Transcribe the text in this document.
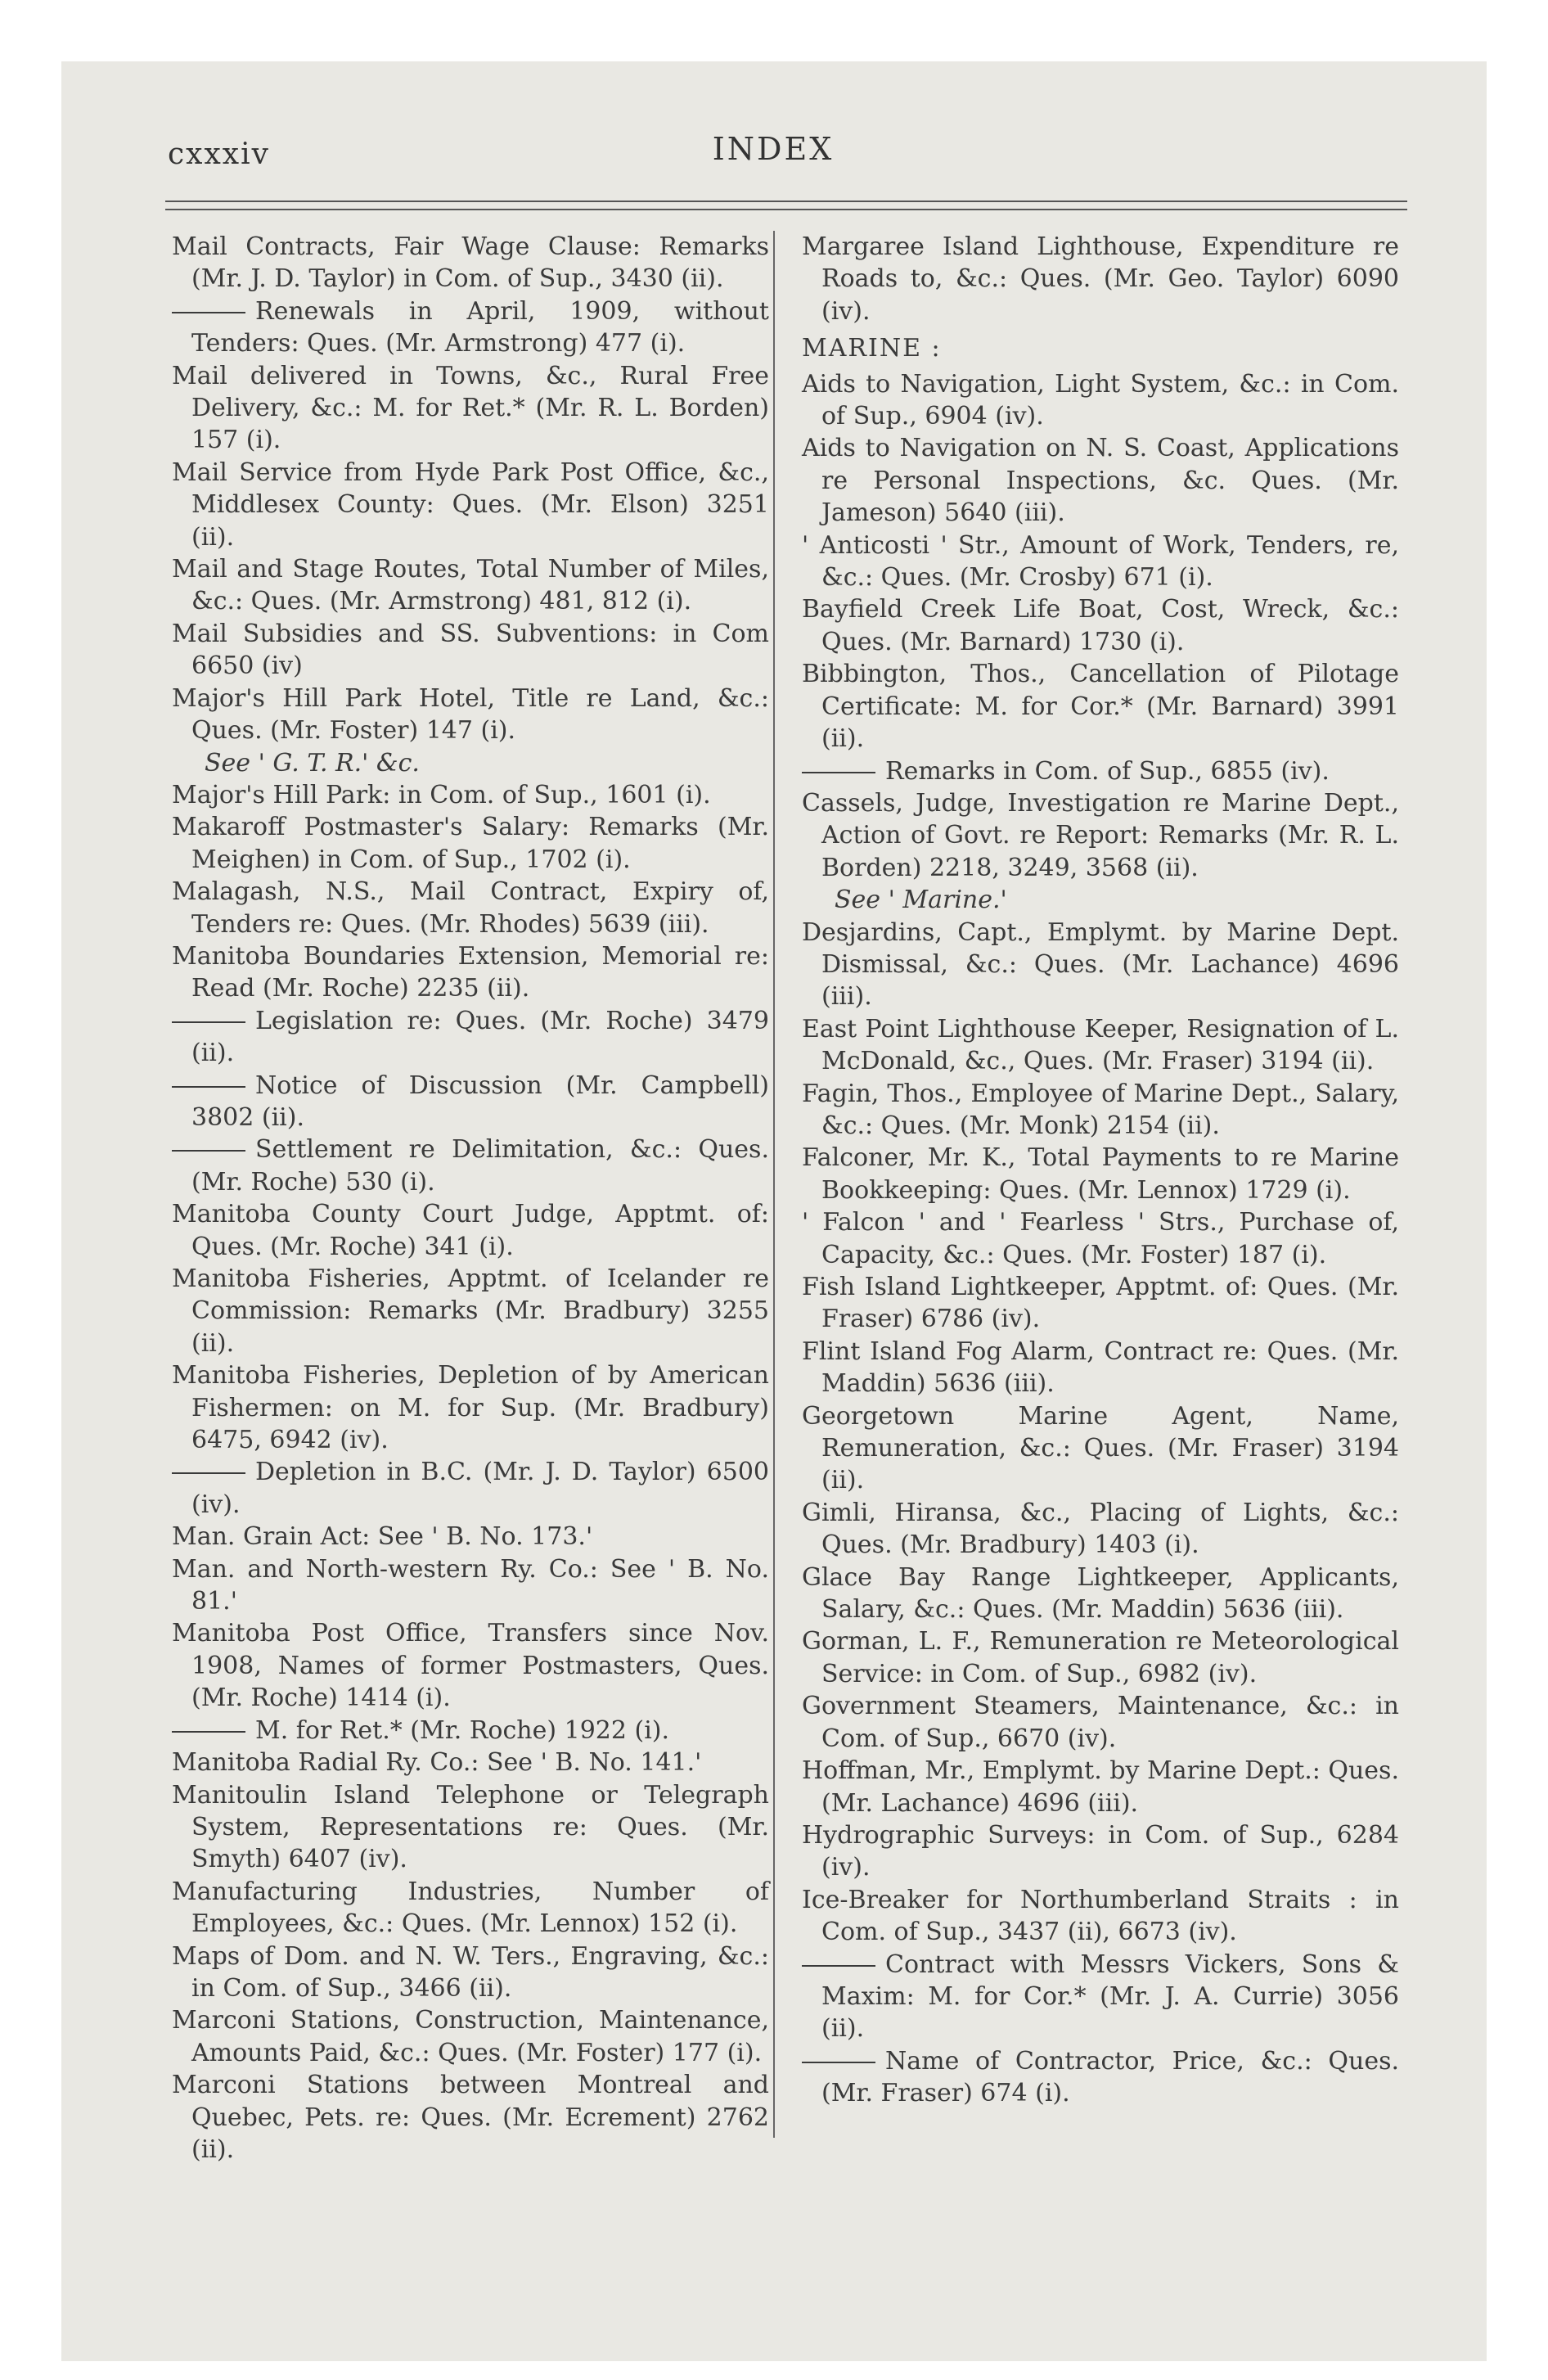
cxxxiv	INDEX
Mail Contracts, Fair Wage Clause: Remarks (Mr. J. D. Taylor) in Com. of Sup., 3430 (ii).
Renewals in April, 1909, without Tenders: Ques. (Mr. Armstrong) 477 (i).
Mail delivered in Towns, &c., Rural Free Delivery, &c.: M. for Ret.* (Mr. R. L. Borden) 157 (i).
Mail Service from Hyde Park Post Office, &c., Middlesex County: Ques. (Mr. Elson) 3251 (ii).
Mail and Stage Routes, Total Number of Miles, &c.: Ques. (Mr. Armstrong) 481, 812 (i).
Mail Subsidies and SS. Subventions: in Com 6650 (iv)
Major's Hill Park Hotel, Title re Land, &c.: Ques. (Mr. Foster) 147 (i).
See ' G. T. R.' &c.
Major's Hill Park: in Com. of Sup., 1601 (i).
Makaroff Postmaster's Salary: Remarks (Mr. Meighen) in Com. of Sup., 1702 (i).
Malagash, N.S., Mail Contract, Expiry of, Tenders re: Ques. (Mr. Rhodes) 5639 (iii).
Manitoba Boundaries Extension, Memorial re: Read (Mr. Roche) 2235 (ii).
Legislation re: Ques. (Mr. Roche) 3479 (ii).
Notice of Discussion (Mr. Campbell) 3802 (ii).
Settlement re Delimitation, &c.: Ques. (Mr. Roche) 530 (i).
Manitoba County Court Judge, Apptmt. of: Ques. (Mr. Roche) 341 (i).
Manitoba Fisheries, Apptmt. of Icelander re Commission: Remarks (Mr. Bradbury) 3255 (ii).
Manitoba Fisheries, Depletion of by American Fishermen: on M. for Sup. (Mr. Bradbury) 6475, 6942 (iv).
Depletion in B.C. (Mr. J. D. Taylor) 6500 (iv).
Man. Grain Act: See ' B. No. 173.'
Man. and North-western Ry. Co.: See ' B. No. 81.'
Manitoba Post Office, Transfers since Nov. 1908, Names of former Postmasters, Ques. (Mr. Roche) 1414 (i).
M. for Ret.* (Mr. Roche) 1922 (i).
Manitoba Radial Ry. Co.: See ' B. No. 141.'
Manitoulin Island Telephone or Telegraph System, Representations re: Ques. (Mr. Smyth) 6407 (iv).
Manufacturing Industries, Number of Employees, &c.: Ques. (Mr. Lennox) 152 (i).
Maps of Dom. and N. W. Ters., Engraving, &c.: in Com. of Sup., 3466 (ii).
Marconi Stations, Construction, Maintenance, Amounts Paid, &c.: Ques. (Mr. Foster) 177 (i).
Marconi Stations between Montreal and Quebec, Pets. re: Ques. (Mr. Ecrement) 2762 (ii).
Margaree Island Lighthouse, Expenditure re Roads to, &c.: Ques. (Mr. Geo. Taylor) 6090 (iv).
MARINE :
Aids to Navigation, Light System, &c.: in Com. of Sup., 6904 (iv).
Aids to Navigation on N. S. Coast, Applications re Personal Inspections, &c. Ques. (Mr. Jameson) 5640 (iii).
' Anticosti ' Str., Amount of Work, Tenders, re, &c.: Ques. (Mr. Crosby) 671 (i).
Bayfield Creek Life Boat, Cost, Wreck, &c.: Ques. (Mr. Barnard) 1730 (i).
Bibbington, Thos., Cancellation of Pilotage Certificate: M. for Cor.* (Mr. Barnard) 3991 (ii).
Remarks in Com. of Sup., 6855 (iv).
Cassels, Judge, Investigation re Marine Dept., Action of Govt. re Report: Remarks (Mr. R. L. Borden) 2218, 3249, 3568 (ii).
See ' Marine.'
Desjardins, Capt., Emplymt. by Marine Dept. Dismissal, &c.: Ques. (Mr. Lachance) 4696 (iii).
East Point Lighthouse Keeper, Resignation of L. McDonald, &c., Ques. (Mr. Fraser) 3194 (ii).
Fagin, Thos., Employee of Marine Dept., Salary, &c.: Ques. (Mr. Monk) 2154 (ii).
Falconer, Mr. K., Total Payments to re Marine Bookkeeping: Ques. (Mr. Lennox) 1729 (i).
' Falcon ' and ' Fearless ' Strs., Purchase of, Capacity, &c.: Ques. (Mr. Foster) 187 (i).
Fish Island Lightkeeper, Apptmt. of: Ques. (Mr. Fraser) 6786 (iv).
Flint Island Fog Alarm, Contract re: Ques. (Mr. Maddin) 5636 (iii).
Georgetown Marine Agent, Name, Remuneration, &c.: Ques. (Mr. Fraser) 3194 (ii).
Gimli, Hiransa, &c., Placing of Lights, &c.: Ques. (Mr. Bradbury) 1403 (i).
Glace Bay Range Lightkeeper, Applicants, Salary, &c.: Ques. (Mr. Maddin) 5636 (iii).
Gorman, L. F., Remuneration re Meteorological Service: in Com. of Sup., 6982 (iv).
Government Steamers, Maintenance, &c.: in Com. of Sup., 6670 (iv).
Hoffman, Mr., Emplymt. by Marine Dept.: Ques. (Mr. Lachance) 4696 (iii).
Hydrographic Surveys: in Com. of Sup., 6284 (iv).
Ice-Breaker for Northumberland Straits : in Com. of Sup., 3437 (ii), 6673 (iv).
Contract with Messrs Vickers, Sons & Maxim: M. for Cor.* (Mr. J. A. Currie) 3056 (ii).
Name of Contractor, Price, &c.: Ques. (Mr. Fraser) 674 (i).
